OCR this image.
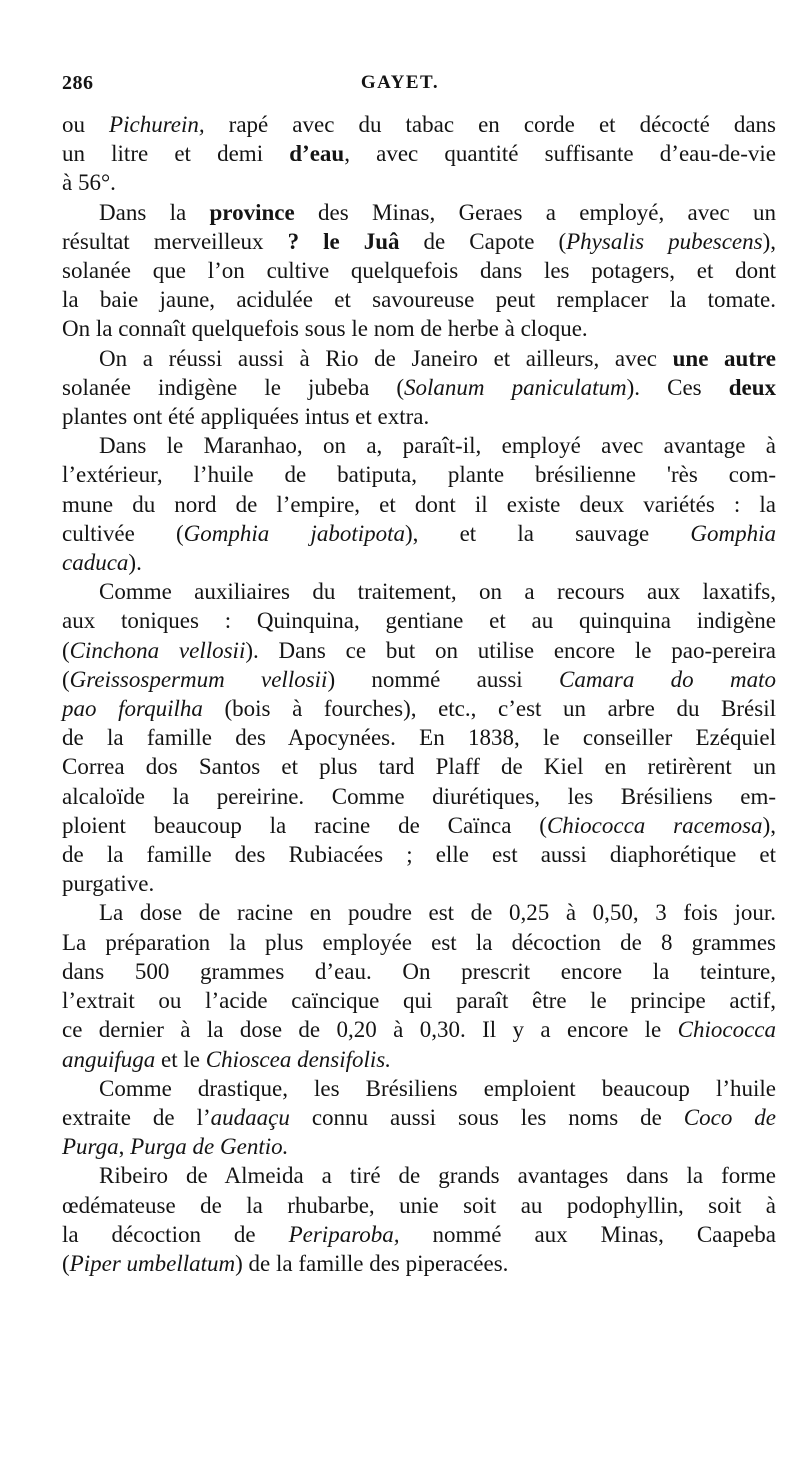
286	GAYET.
ou Pichurein, rapé avec du tabac en corde et décocté dans
un litre et demi d’eau, avec quantité suffisante d’eau-de-vie
à 56°.
Dans la province des Minas, Geraes a employé, avec un
résultat merveilleux ? le Juâ de Capote (Physalis pubescens),
solanée que l’on cultive quelquefois dans les potagers, et dont
la baie jaune, acidulée et savoureuse peut remplacer la tomate.
On la connaît quelquefois sous le nom de herbe à cloque.
On a réussi aussi à Rio de Janeiro et ailleurs, avec une autre
solanée indigène le jubeba (Solanum paniculatum). Ces deux
plantes ont été appliquées intus et extra.
Dans le Maranhao, on a, paraît-il, employé avec avantage à
l’extérieur, l’huile de batiputa, plante brésilienne 'rès com-
mune du nord de l’empire, et dont il existe deux variétés : la
cultivée (Gomphia jabotipota), et la sauvage Gomphia
caduca).
Comme auxiliaires du traitement, on a recours aux laxatifs,
aux toniques : Quinquina, gentiane et au quinquina indigène
(Cinchona vellosii). Dans ce but on utilise encore le pao-pereira
(Greissospermum vellosii) nommé aussi Camara do mato
pao forquilha (bois à fourches), etc., c’est un arbre du Brésil
de la famille des Apocynées. En 1838, le conseiller Ezéquiel
Correa dos Santos et plus tard Plaff de Kiel en retirèrent un
alcaloïde la pereirine. Comme diurétiques, les Brésiliens em-
ploient beaucoup la racine de Caïnca (Chiococca racemosa),
de la famille des Rubiacées ; elle est aussi diaphorétique et
purgative.
La dose de racine en poudre est de 0,25 à 0,50, 3 fois jour.
La préparation la plus employée est la décoction de 8 grammes
dans 500 grammes d’eau. On prescrit encore la teinture,
l’extrait ou l’acide caïncique qui paraît être le principe actif,
ce dernier à la dose de 0,20 à 0,30. Il y a encore le Chiococca
anguifuga et le Chioscea densifolis.
Comme drastique, les Brésiliens emploient beaucoup l’huile
extraite de l’audaaçu connu aussi sous les noms de Coco de
Purga, Purga de Gentio.
Ribeiro de Almeida a tiré de grands avantages dans la forme
œdémateuse de la rhubarbe, unie soit au podophyllin, soit à
la décoction de Periparoba, nommé aux Minas, Caapeba
(Piper umbellatum) de la famille des piperacées.
